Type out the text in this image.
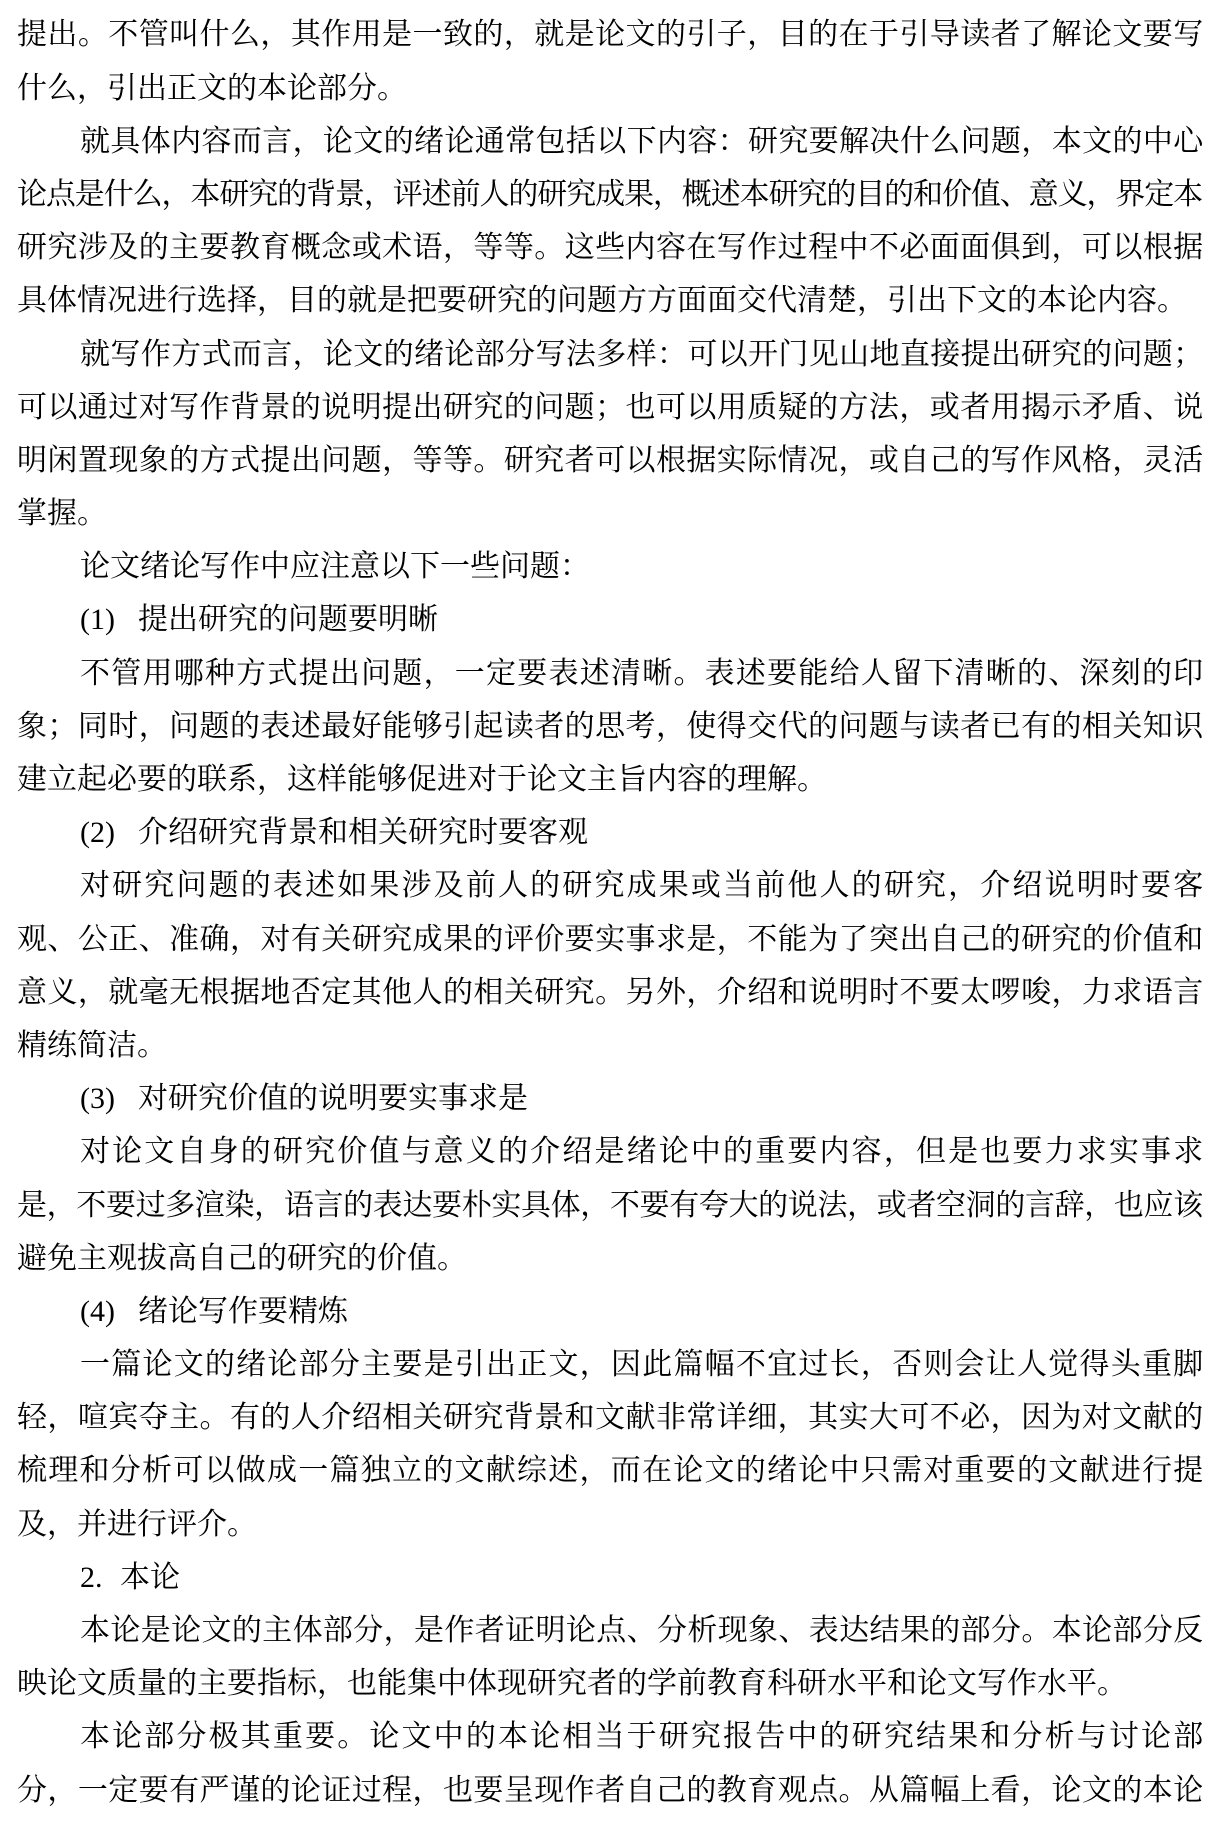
提出。不管叫什么，其作用是一致的，就是论文的引子，目的在于引导读者了解论文要写
什么，引出正文的本论部分。
就具体内容而言，论文的绪论通常包括以下内容：研究要解决什么问题，本文的中心
论点是什么，本研究的背景，评述前人的研究成果，概述本研究的目的和价值、意义，界定本
研究涉及的主要教育概念或术语，等等。这些内容在写作过程中不必面面俱到，可以根据
具体情况进行选择，目的就是把要研究的问题方方面面交代清楚，引出下文的本论内容。
就写作方式而言，论文的绪论部分写法多样：可以开门见山地直接提出研究的问题；
可以通过对写作背景的说明提出研究的问题；也可以用质疑的方法，或者用揭示矛盾、说
明闲置现象的方式提出问题，等等。研究者可以根据实际情况，或自己的写作风格，灵活
掌握。
论文绪论写作中应注意以下一些问题：
(1) 提出研究的问题要明晰
不管用哪种方式提出问题，一定要表述清晰。表述要能给人留下清晰的、深刻的印
象；同时，问题的表述最好能够引起读者的思考，使得交代的问题与读者已有的相关知识
建立起必要的联系，这样能够促进对于论文主旨内容的理解。
(2) 介绍研究背景和相关研究时要客观
对研究问题的表述如果涉及前人的研究成果或当前他人的研究，介绍说明时要客
观、公正、准确，对有关研究成果的评价要实事求是，不能为了突出自己的研究的价值和
意义，就毫无根据地否定其他人的相关研究。另外，介绍和说明时不要太啰唆，力求语言
精练简洁。
(3) 对研究价值的说明要实事求是
对论文自身的研究价值与意义的介绍是绪论中的重要内容，但是也要力求实事求
是，不要过多渲染，语言的表达要朴实具体，不要有夸大的说法，或者空洞的言辞，也应该
避免主观拔高自己的研究的价值。
(4) 绪论写作要精炼
一篇论文的绪论部分主要是引出正文，因此篇幅不宜过长，否则会让人觉得头重脚
轻，喧宾夺主。有的人介绍相关研究背景和文献非常详细，其实大可不必，因为对文献的
梳理和分析可以做成一篇独立的文献综述，而在论文的绪论中只需对重要的文献进行提
及，并进行评介。
2. 本论
本论是论文的主体部分，是作者证明论点、分析现象、表达结果的部分。本论部分反
映论文质量的主要指标，也能集中体现研究者的学前教育科研水平和论文写作水平。
本论部分极其重要。论文中的本论相当于研究报告中的研究结果和分析与讨论部
分，一定要有严谨的论证过程，也要呈现作者自己的教育观点。从篇幅上看，论文的本论
